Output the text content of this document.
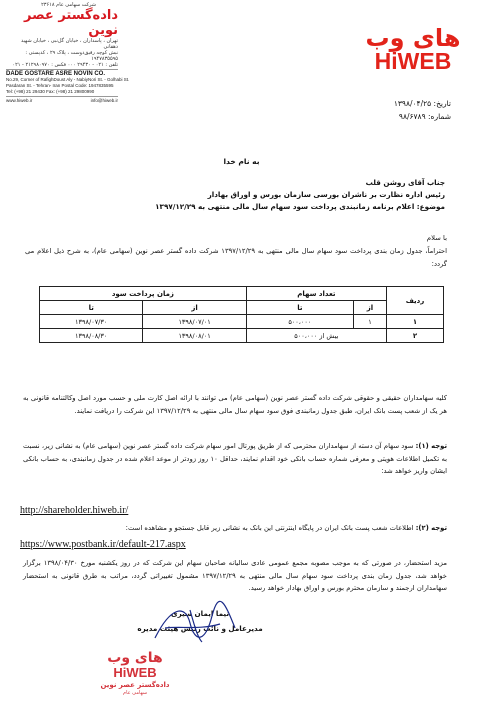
شرکت سهامی عام ۲۳۶۱۸
داده‌گستر عصر نوین
تهران ، پاسداران ، خیابان گل‌نبی ، خیابان شهید دهقانی
نبش کوچه رفیق‌دوست ، پلاک ۲۹ ، کدپستی : ۱۹۴۷۸۳۵۵۹۵
تلفن : ۰۲۱ - ۲۹۴۳۰ ۰۰۰ فکس : ۲۱۲۹۸۰۹۷۰ - ۰۲۱
DADE GOSTARE ASRE NOVIN CO.
No.29, Corner of RafighDoust Aly - NabiyNori St. - Golhabi St.
Pasdaran St. - Tehran- Iran Postal Code: 1947835595
Tel: (+98) 21 29430 Fax: (+98) 21 29800990
www.hiweb.ir	info@hiweb.ir
های وب
HiWEB
تاریخ: ۱۳۹۸/۰۴/۲۵
شماره: ۹۸/۶۷۸۹
به نام خدا
جناب آقای روشن قلب
رئیس اداره نظارت بر ناشران بورسی سازمان بورس و اوراق بهادار
موضوع: اعلام برنامه زمانبندی پرداخت سود سهام سال مالی منتهی به ۱۳۹۷/۱۲/۲۹
با سلام
احتراماً، جدول زمان بندی پرداخت سود سهام سال مالی منتهی به ۱۳۹۷/۱۲/۲۹ شرکت داده گستر عصر نوین (سهامی عام)، به شرح ذیل اعلام می گردد:
ردیف	تعداد سهام		زمان پرداخت سود	
	از	تا	از	تا
۱	۱	۵۰۰،۰۰۰	۱۳۹۸/۰۷/۰۱	۱۳۹۸/۰۷/۳۰
۲	بیش از ۵۰۰،۰۰۰		۱۳۹۸/۰۸/۰۱	۱۳۹۸/۰۸/۳۰
کلیه سهامداران حقیقی و حقوقی شرکت داده گستر عصر نوین (سهامی عام) می توانند با ارائه اصل کارت ملی و حسب مورد اصل وکالتنامه قانونی به هر یک از شعب پست بانک ایران، طبق جدول زمانبندی فوق سود سهام سال مالی منتهی به ۱۳۹۷/۱۲/۲۹ این شرکت را دریافت نمایند.
توجه (۱): سود سهام آن دسته از سهامداران محترمی که از طریق پورتال امور سهام شرکت داده گستر عصر نوین (سهامی عام) به نشانی زیر، نسبت به تکمیل اطلاعات هویتی و معرفی شماره حساب بانکی خود اقدام نمایند، حداقل ۱۰ روز زودتر از موعد اعلام شده در جدول زمانبندی، به حساب بانکی ایشان واریز خواهد شد:
http://shareholder.hiweb.ir/
توجه (۲): اطلاعات شعب پست بانک ایران در پایگاه اینترنتی این بانک به نشانی زیر قابل جستجو و مشاهده است:
https://www.postbank.ir/default-217.aspx
مزید استحضار، در صورتی که به موجب مصوبه مجمع عمومی عادی سالیانه صاحبان سهام این شرکت که در روز یکشنبه مورخ ۱۳۹۸/۰۴/۳۰ برگزار خواهد شد، جدول زمان بندی پرداخت سود سهام سال مالی منتهی به ۱۳۹۷/۱۲/۲۹ مشمول تغییراتی گردد، مراتب به طرق قانونی به استحضار سهامداران ارجمند و سازمان محترم بورس و اوراق بهادار خواهد رسید.
نیما ایمان سیری
مدیرعامل و نائب رئیس هیئت مدیره
های وب
HiWEB
داده‌گستر عصر نوین
سهامی عام
